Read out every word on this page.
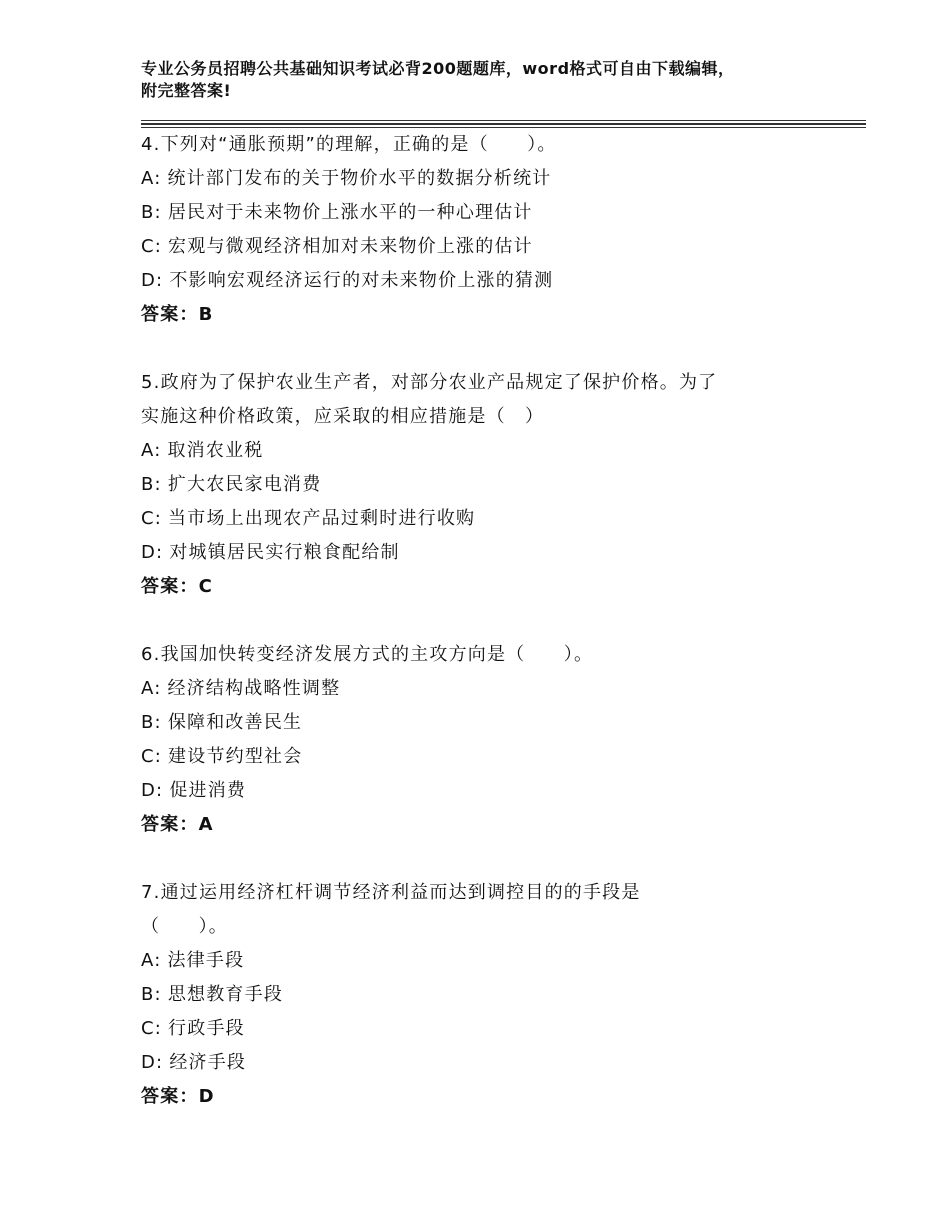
专业公务员招聘公共基础知识考试必背200题题库，word格式可自由下载编辑，
附完整答案!
4.下列对“通胀预期”的理解，正确的是（　　）。
A: 统计部门发布的关于物价水平的数据分析统计
B: 居民对于未来物价上涨水平的一种心理估计
C: 宏观与微观经济相加对未来物价上涨的估计
D: 不影响宏观经济运行的对未来物价上涨的猜测
答案：B
5.政府为了保护农业生产者，对部分农业产品规定了保护价格。为了
实施这种价格政策，应采取的相应措施是（　）
A: 取消农业税
B: 扩大农民家电消费
C: 当市场上出现农产品过剩时进行收购
D: 对城镇居民实行粮食配给制
答案：C
6.我国加快转变经济发展方式的主攻方向是（　　）。
A: 经济结构战略性调整
B: 保障和改善民生
C: 建设节约型社会
D: 促进消费
答案：A
7.通过运用经济杠杆调节经济利益而达到调控目的的手段是
（　　）。
A: 法律手段
B: 思想教育手段
C: 行政手段
D: 经济手段
答案：D
